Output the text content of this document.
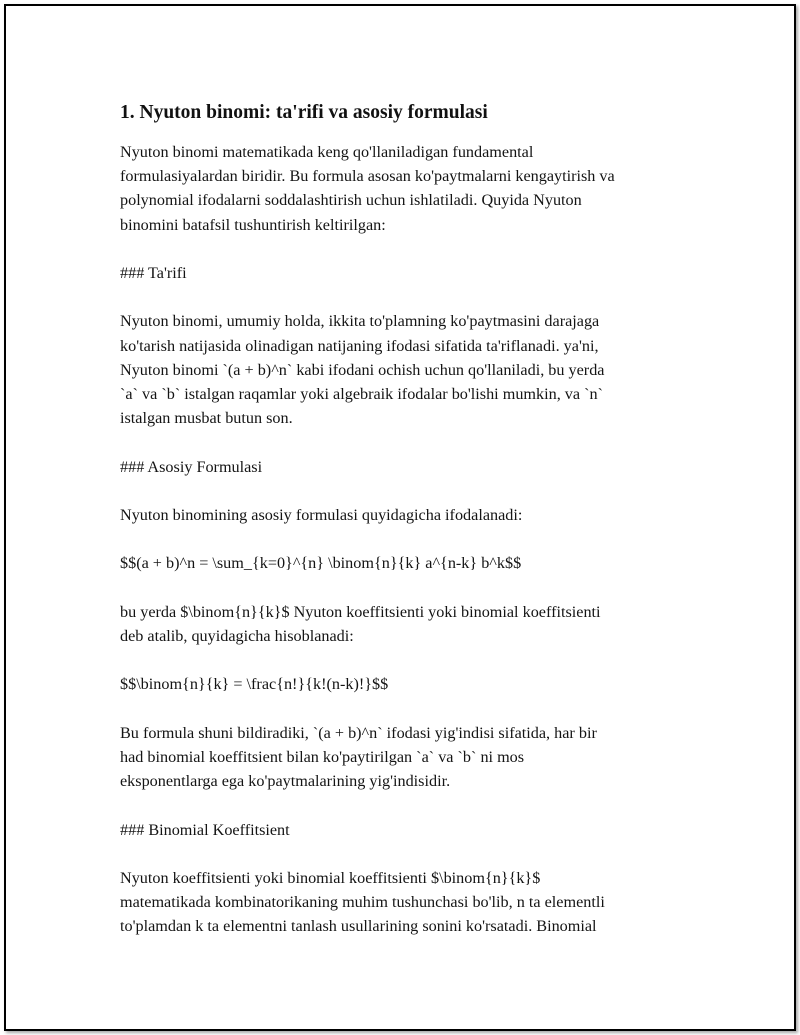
1. Nyuton binomi: ta'rifi va asosiy formulasi

Nyuton binomi matematikada keng qo'llaniladigan fundamental
formulasiyalardan biridir. Bu formula asosan ko'paytmalarni kengaytirish va
polynomial ifodalarni soddalashtirish uchun ishlatiladi. Quyida Nyuton
binomini batafsil tushuntirish keltirilgan:

### Ta'rifi

Nyuton binomi, umumiy holda, ikkita to'plamning ko'paytmasini darajaga
ko'tarish natijasida olinadigan natijaning ifodasi sifatida ta'riflanadi. ya'ni,
Nyuton binomi `(a + b)^n` kabi ifodani ochish uchun qo'llaniladi, bu yerda
`a` va `b` istalgan raqamlar yoki algebraik ifodalar bo'lishi mumkin, va `n`
istalgan musbat butun son.

### Asosiy Formulasi

Nyuton binomining asosiy formulasi quyidagicha ifodalanadi:

$$(a + b)^n = \sum_{k=0}^{n} \binom{n}{k} a^{n-k} b^k$$

bu yerda $\binom{n}{k}$ Nyuton koeffitsienti yoki binomial koeffitsienti
deb atalib, quyidagicha hisoblanadi:

$$\binom{n}{k} = \frac{n!}{k!(n-k)!}$$

Bu formula shuni bildiradiki, `(a + b)^n` ifodasi yig'indisi sifatida, har bir
had binomial koeffitsient bilan ko'paytirilgan `a` va `b` ni mos
eksponentlarga ega ko'paytmalarining yig'indisidir.

### Binomial Koeffitsient

Nyuton koeffitsienti yoki binomial koeffitsienti $\binom{n}{k}$
matematikada kombinatorikaning muhim tushunchasi bo'lib, n ta elementli
to'plamdan k ta elementni tanlash usullarining sonini ko'rsatadi. Binomial
